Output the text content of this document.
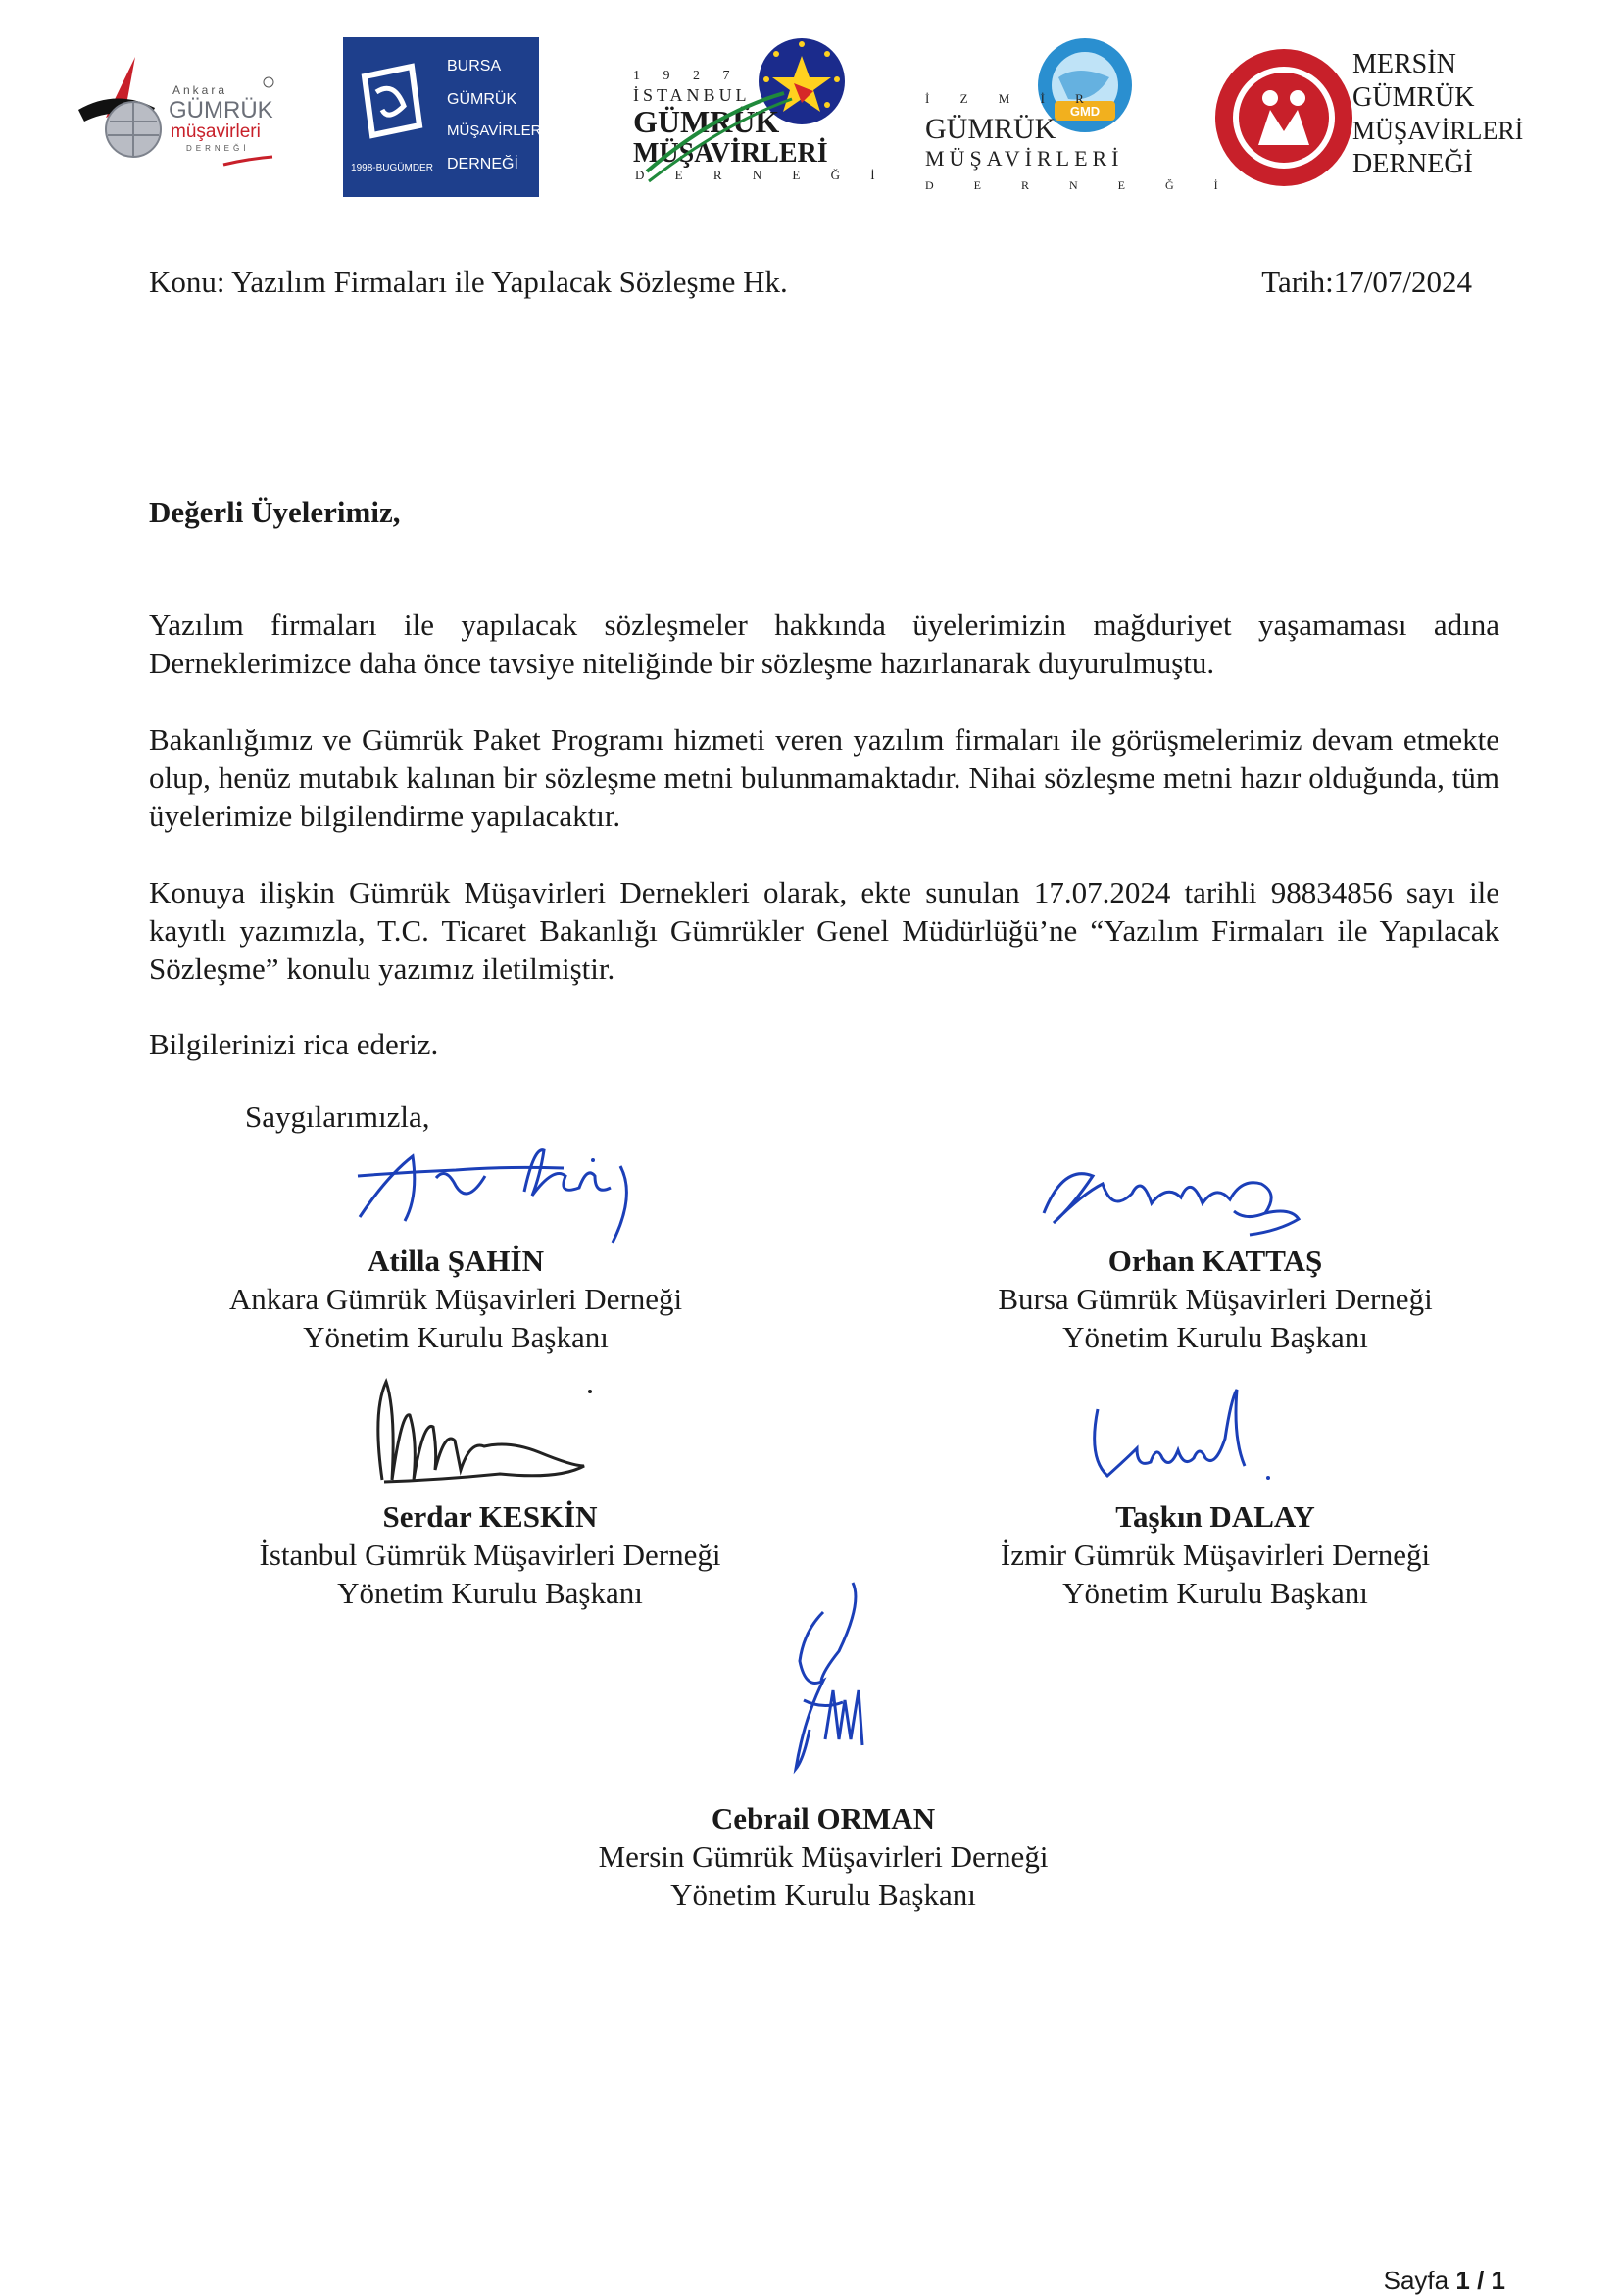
Ankara
GÜMRÜK
müşavirleri
DERNEĞİ
1998-BUGÜMDER
BURSA
GÜMRÜK
MÜŞAVİRLERİ
DERNEĞİ
1 9 2 7
İSTANBUL
GÜMRÜK
MÜŞAVİRLERİ
D E R N E Ğ İ
GMD
İ Z M İ R
GÜMRÜK
MÜŞAVİRLERİ
D E R N E Ğ İ
MERSİN
GÜMRÜK
MÜŞAVİRLERİ
DERNEĞİ
Konu: Yazılım Firmaları ile Yapılacak Sözleşme Hk.	Tarih:17/07/2024
Değerli Üyelerimiz,

Yazılım firmaları ile yapılacak sözleşmeler hakkında üyelerimizin mağduriyet yaşamaması adına Derneklerimizce daha önce tavsiye niteliğinde bir sözleşme hazırlanarak duyurulmuştu.

Bakanlığımız ve Gümrük Paket Programı hizmeti veren yazılım firmaları ile görüşmelerimiz devam etmekte olup, henüz mutabık kalınan bir sözleşme metni bulunmamaktadır. Nihai sözleşme metni hazır olduğunda, tüm üyelerimize bilgilendirme yapılacaktır.

Konuya ilişkin Gümrük Müşavirleri Dernekleri olarak, ekte sunulan 17.07.2024 tarihli 98834856 sayı ile kayıtlı yazımızla, T.C. Ticaret Bakanlığı Gümrükler Genel Müdürlüğü’ne “Yazılım Firmaları ile Yapılacak Sözleşme” konulu yazımız iletilmiştir.

Bilgilerinizi rica ederiz.

Saygılarımızla,
Atilla ŞAHİN
Ankara Gümrük Müşavirleri Derneği
Yönetim Kurulu Başkanı
Orhan KATTAŞ
Bursa Gümrük Müşavirleri Derneği
Yönetim Kurulu Başkanı
Serdar KESKİN
İstanbul Gümrük Müşavirleri Derneği
Yönetim Kurulu Başkanı
Taşkın DALAY
İzmir Gümrük Müşavirleri Derneği
Yönetim Kurulu Başkanı
Cebrail ORMAN
Mersin Gümrük Müşavirleri Derneği
Yönetim Kurulu Başkanı
Sayfa 1 / 1
